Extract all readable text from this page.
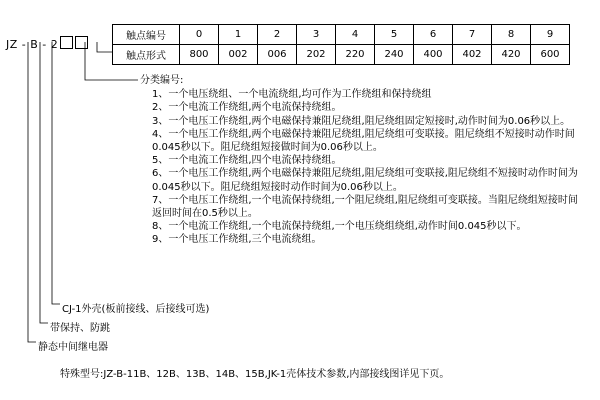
JZ - B - 2
触点编号	0	1	2	3	4	5	6	7	8	9
触点形式	800	002	006	202	220	240	400	402	420	600
分类编号:
1、一个电压绕组、一个电流绕组,均可作为工作绕组和保持绕组
2、一个电流工作绕组,两个电流保持绕组。
3、一个电压工作绕组,两个电磁保持兼阻尼绕组,阻尼绕组固定短接时,动作时间为0.06秒以上。
4、一个电压工作绕组,两个电磁保持兼阻尼绕组,阻尼绕组可变联接。阻尼绕组不短接时动作时间0.045秒以下。阻尼绕组短接做时间为0.06秒以上。
5、一个电流工作绕组,四个电流保持绕组。
6、一个电压工作绕组,两个电磁保持兼阻尼绕组,阻尼绕组可变联接,阻尼绕组不短接时动作时间为0.045秒以下。阻尼绕组短接时动作时间为0.06秒以上。
7、一个电压工作绕组,一个电流保持绕组,一个阻尼绕组,阻尼绕组可变联接。当阻尼绕组短接时间返回时间在0.5秒以上。
8、一个电流工作绕组,一个电流保持绕组,一个电压绕组绕组,动作时间0.045秒以下。
9、一个电压工作绕组,三个电流绕组。
CJ-1外壳(板前接线、后接线可选)
带保持、防跳
静态中间继电器
特殊型号:JZ-B-11B、12B、13B、14B、15B,JK-1壳体技术参数,内部接线图详见下页。
